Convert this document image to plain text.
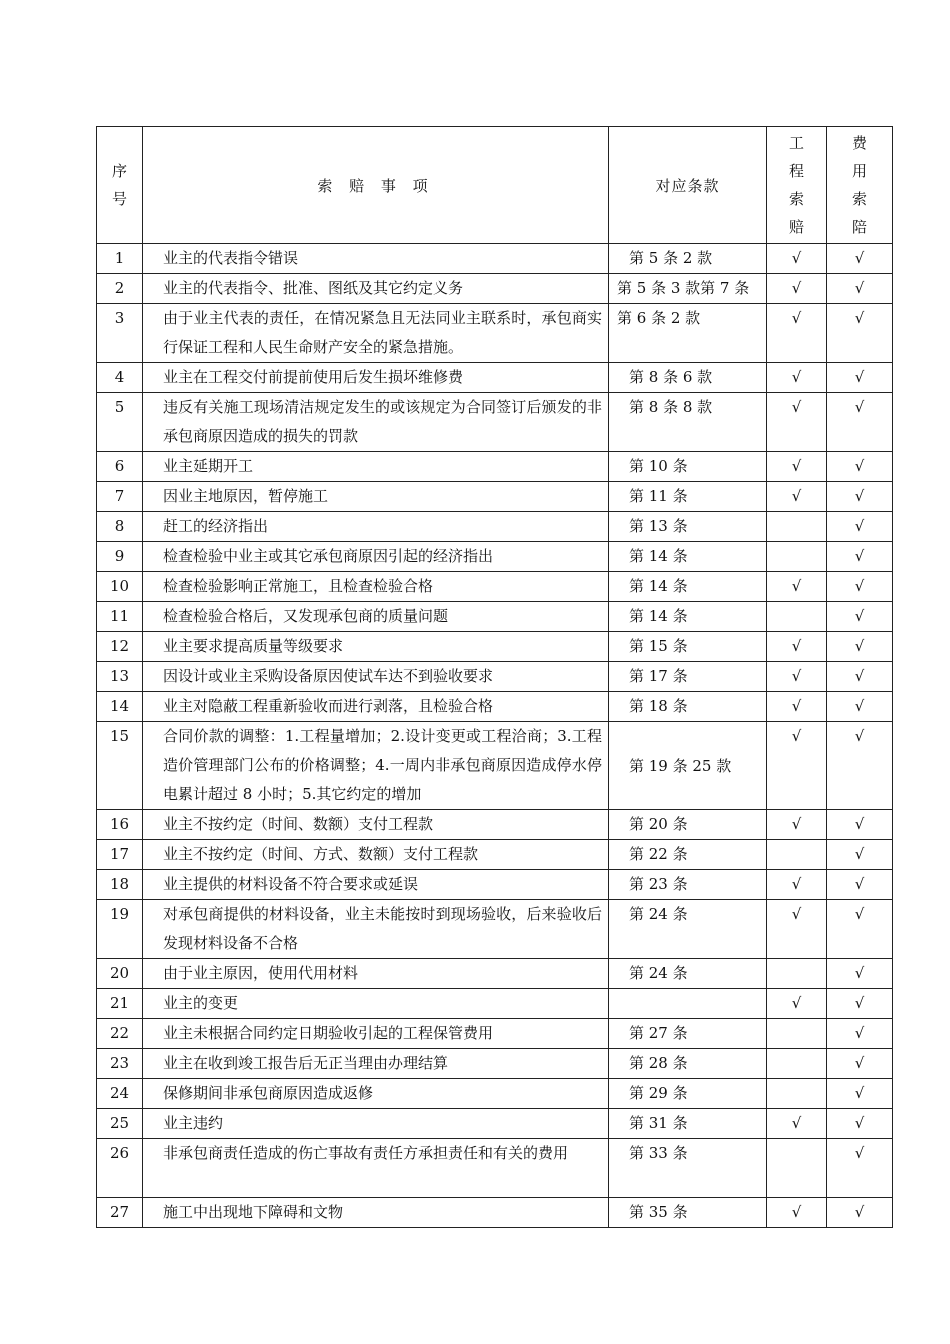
序号	索 赔 事 项	对应条款	工程索赔	费用索陪
1	业主的代表指令错误	第 5 条 2 款	√	√
2	业主的代表指令、批准、图纸及其它约定义务	第 5 条 3 款第 7 条	√	√
3	由于业主代表的责任，在情况紧急且无法同业主联系时，承包商实行保证工程和人民生命财产安全的紧急措施。	第 6 条 2 款	√	√
4	业主在工程交付前提前使用后发生损坏维修费	第 8 条 6 款	√	√
5	违反有关施工现场清洁规定发生的或该规定为合同签订后颁发的非承包商原因造成的损失的罚款	第 8 条 8 款	√	√
6	业主延期开工	第 10 条	√	√
7	因业主地原因，暂停施工	第 11 条	√	√
8	赶工的经济指出	第 13 条		√
9	检查检验中业主或其它承包商原因引起的经济指出	第 14 条		√
10	检查检验影响正常施工，且检查检验合格	第 14 条	√	√
11	检查检验合格后，又发现承包商的质量问题	第 14 条		√
12	业主要求提高质量等级要求	第 15 条	√	√
13	因设计或业主采购设备原因使试车达不到验收要求	第 17 条	√	√
14	业主对隐蔽工程重新验收而进行剥落，且检验合格	第 18 条	√	√
15	合同价款的调整：1.工程量增加；2.设计变更或工程洽商；3.工程造价管理部门公布的价格调整；4.一周内非承包商原因造成停水停电累计超过 8 小时；5.其它约定的增加	第 19 条 25 款	√	√
16	业主不按约定（时间、数额）支付工程款	第 20 条	√	√
17	业主不按约定（时间、方式、数额）支付工程款	第 22 条		√
18	业主提供的材料设备不符合要求或延误	第 23 条	√	√
19	对承包商提供的材料设备，业主未能按时到现场验收，后来验收后发现材料设备不合格	第 24 条	√	√
20	由于业主原因，使用代用材料	第 24 条		√
21	业主的变更		√	√
22	业主未根据合同约定日期验收引起的工程保管费用	第 27 条		√
23	业主在收到竣工报告后无正当理由办理结算	第 28 条		√
24	保修期间非承包商原因造成返修	第 29 条		√
25	业主违约	第 31 条	√	√
26	非承包商责任造成的伤亡事故有责任方承担责任和有关的费用	第 33 条		√
27	施工中出现地下障碍和文物	第 35 条	√	√
